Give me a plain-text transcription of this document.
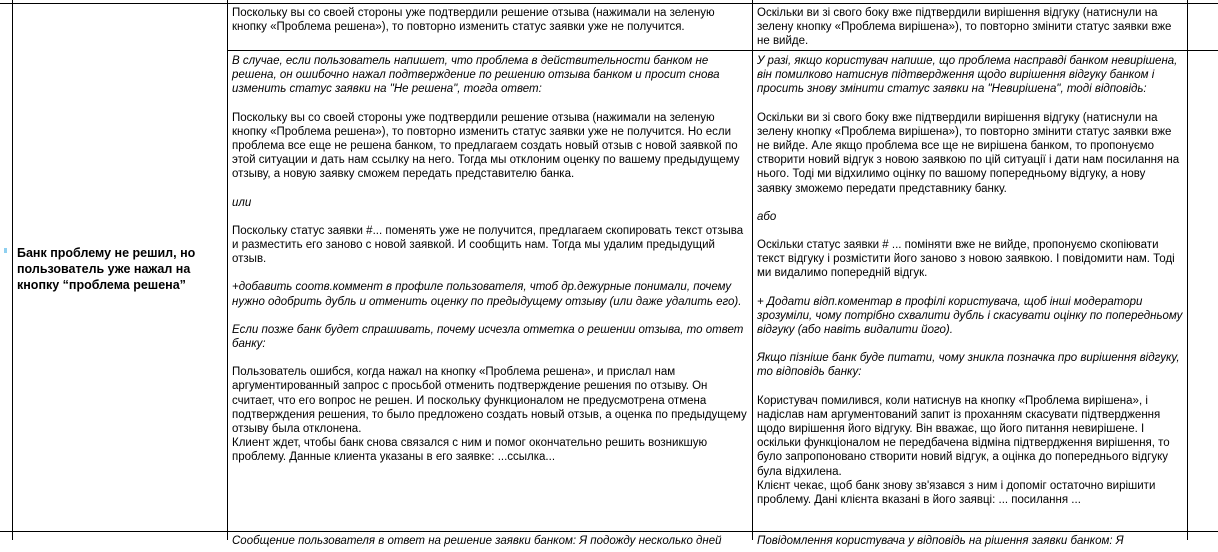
Банк проблему не решил, но пользователь уже нажал на кнопку “проблема решена”

Поскольку вы со своей стороны уже подтвердили решение отзыва (нажимали на зеленую кнопку «Проблема решена»), то повторно изменить статус заявки уже не получится.

Оскільки ви зі свого боку вже підтвердили вирішення відгуку (натиснули на зелену кнопку «Проблема вирішена»), то повторно змінити статус заявки вже не вийде.

В случае, если пользователь напишет, что проблема в действительности банком не решена, он ошибочно нажал подтверждение по решению отзыва банком и просит снова изменить статус заявки на "Не решена", тогда ответ:

Поскольку вы со своей стороны уже подтвердили решение отзыва (нажимали на зеленую кнопку «Проблема решена»), то повторно изменить статус заявки уже не получится. Но если проблема все еще не решена банком, то предлагаем создать новый отзыв с новой заявкой по этой ситуации и дать нам ссылку на него. Тогда мы отклоним оценку по вашему предыдущему отзыву, а новую заявку сможем передать представителю банка.

или

Поскольку статус заявки #... поменять уже не получится, предлагаем скопировать текст отзыва и разместить его заново с новой заявкой. И сообщить нам. Тогда мы удалим предыдущий отзыв.

+добавить соотв.коммент в профиле пользователя, чтоб др.дежурные понимали, почему нужно одобрить дубль и отменить оценку по предыдущему отзыву (или даже удалить его).

Если позже банк будет спрашивать, почему исчезла отметка о решении отзыва, то ответ банку:

Пользователь ошибся, когда нажал на кнопку «Проблема решена», и прислал нам аргументированный запрос с просьбой отменить подтверждение решения по отзыву. Он считает, что его вопрос не решен. И поскольку функционалом не предусмотрена отмена подтверждения решения, то было предложено создать новый отзыв, а оценка по предыдущему отзыву была отклонена.

Клиент ждет, чтобы банк снова связался с ним и помог окончательно решить возникшую проблему. Данные клиента указаны в его заявке: ...ссылка...

У разі, якщо користувач напише, що проблема насправді банком невирішена, він помилково натиснув підтвердження щодо вирішення відгуку банком і просить знову змінити статус заявки на "Невирішена", тоді відповідь:

Оскільки ви зі свого боку вже підтвердили вирішення відгуку (натиснули на зелену кнопку «Проблема вирішена»), то повторно змінити статус заявки вже не вийде. Але якщо проблема все ще не вирішена банком, то пропонуємо створити новий відгук з новою заявкою по цій ситуації і дати нам посилання на нього. Тоді ми відхилимо оцінку по вашому попередньому відгуку, а нову заявку зможемо передати представнику банку.

або

Оскільки статус заявки # ... поміняти вже не вийде, пропонуємо скопіювати текст відгуку і розмістити його заново з новою заявкою. І повідомити нам. Тоді ми видалимо попередній відгук.

+ Додати відп.коментар в профілі користувача, щоб інші модератори зрозуміли, чому потрібно схвалити дубль і скасувати оцінку по попередньому відгуку (або навіть видалити його).

Якщо пізніше банк буде питати, чому зникла позначка про вирішення відгуку, то відповідь банку:

Користувач помилився, коли натиснув на кнопку «Проблема вирішена», і надіслав нам аргументований запит із проханням скасувати підтвердження щодо вирішення його відгуку. Він вважає, що його питання невирішене. І оскільки функціоналом не передбачена відміна підтвердження вирішення, то було запропоновано створити новий відгук, а оцінка до попереднього відгуку була відхилена.

Клієнт чекає, щоб банк знову зв'язався з ним і допоміг остаточно вирішити проблему. Дані клієнта вказані в його заявці: ... посилання ...

Сообщение пользователя в ответ на решение заявки банком: Я подожду несколько дней	Повідомлення користувача у відповідь на рішення заявки банком: Я
